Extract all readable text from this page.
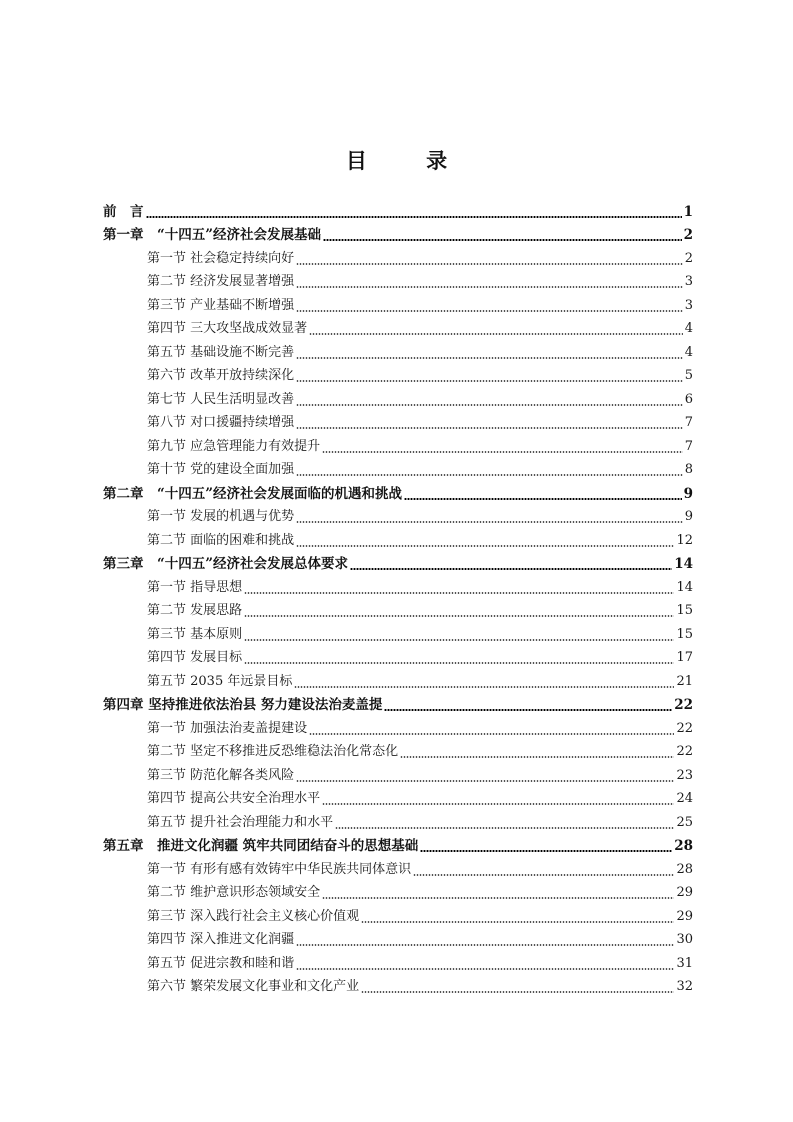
目 录
前　言	1
第一章　“十四五”经济社会发展基础	2
第一节 社会稳定持续向好	2
第二节 经济发展显著增强	3
第三节 产业基础不断增强	3
第四节 三大攻坚战成效显著	4
第五节 基础设施不断完善	4
第六节 改革开放持续深化	5
第七节 人民生活明显改善	6
第八节 对口援疆持续增强	7
第九节 应急管理能力有效提升	7
第十节 党的建设全面加强	8
第二章　“十四五”经济社会发展面临的机遇和挑战	9
第一节 发展的机遇与优势	9
第二节 面临的困难和挑战	12
第三章　“十四五”经济社会发展总体要求	14
第一节 指导思想	14
第二节 发展思路	15
第三节 基本原则	15
第四节 发展目标	17
第五节 2035 年远景目标	21
第四章 坚持推进依法治县 努力建设法治麦盖提	22
第一节 加强法治麦盖提建设	22
第二节 坚定不移推进反恐维稳法治化常态化	22
第三节 防范化解各类风险	23
第四节 提高公共安全治理水平	24
第五节 提升社会治理能力和水平	25
第五章　推进文化润疆 筑牢共同团结奋斗的思想基础	28
第一节 有形有感有效铸牢中华民族共同体意识	28
第二节 维护意识形态领域安全	29
第三节 深入践行社会主义核心价值观	29
第四节 深入推进文化润疆	30
第五节 促进宗教和睦和谐	31
第六节 繁荣发展文化事业和文化产业	32
